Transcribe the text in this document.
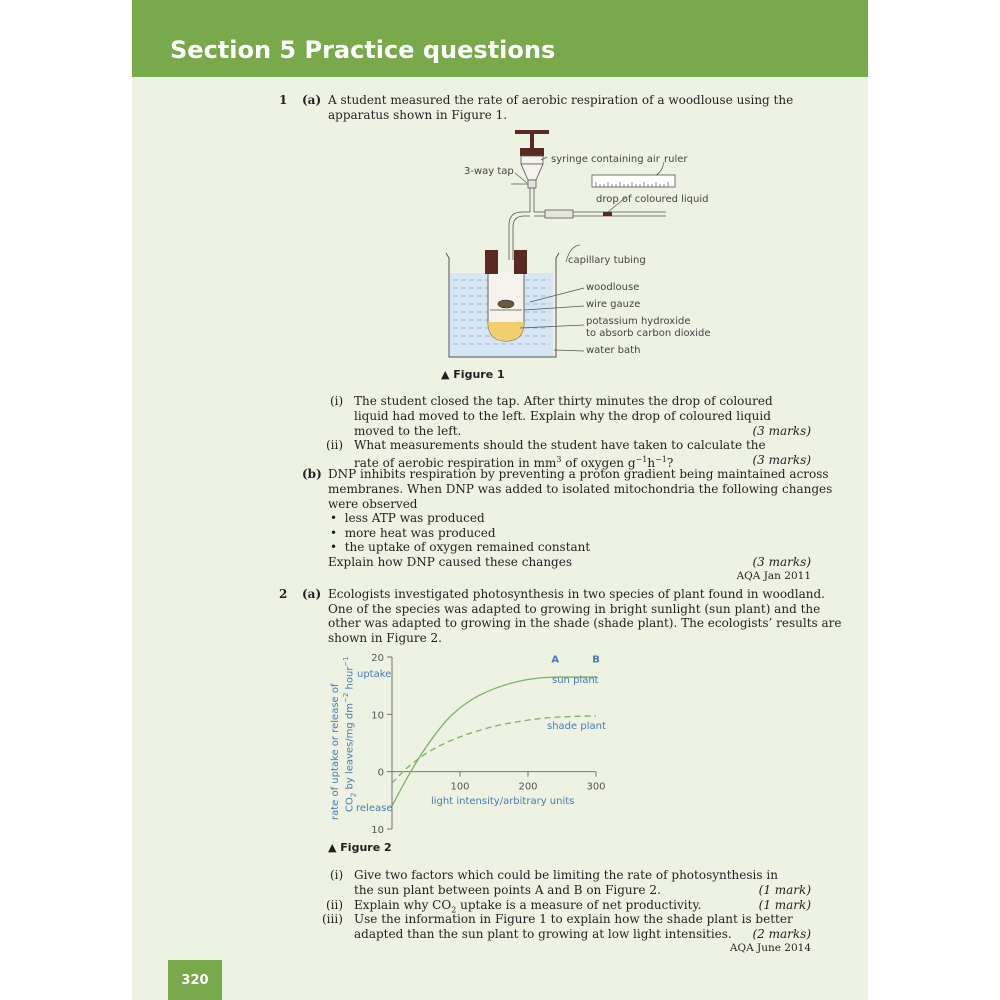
Section 5 Practice questions
1 (a) A student measured the rate of aerobic respiration of a woodlouse using the
apparatus shown in Figure 1.
3-way tap
syringe containing air ruler
drop of coloured liquid
capillary tubing
woodlouse
wire gauze
potassium hydroxide
to absorb carbon dioxide
water bath
▲ Figure 1
(i) The student closed the tap. After thirty minutes the drop of coloured
liquid had moved to the left. Explain why the drop of coloured liquid
moved to the left.	(3 marks)
(ii) What measurements should the student have taken to calculate the
rate of aerobic respiration in $mm^3$ of oxygen $g^{-1}h^{-1}$?	(3 marks)
(b) DNP inhibits respiration by preventing a proton gradient being maintained across
membranes. When DNP was added to isolated mitochondria the following changes
were observed
•  less ATP was produced
•  more heat was produced
•  the uptake of oxygen remained constant
Explain how DNP caused these changes	(3 marks)
AQA Jan 2011
2 (a) Ecologists investigated photosynthesis in two species of plant found in woodland.
One of the species was adapted to growing in bright sunlight (sun plant) and the
other was adapted to growing in the shade (shade plant). The ecologists’ results are
shown in Figure 2.
20
10
0
10
100	200	300
A	B
rate of uptake or release of $CO_2$ by leaves/mg $dm^{-2}$ hour$^{-1}$
uptake
release
light intensity/arbitrary units
sun plant
shade plant
▲ Figure 2
(i) Give two factors which could be limiting the rate of photosynthesis in
the sun plant between points A and B on Figure 2.	(1 mark)
(ii) Explain why $CO_2$ uptake is a measure of net productivity.	(1 mark)
(iii) Use the information in Figure 1 to explain how the shade plant is better
adapted than the sun plant to growing at low light intensities. (2 marks)
AQA June 2014
320
